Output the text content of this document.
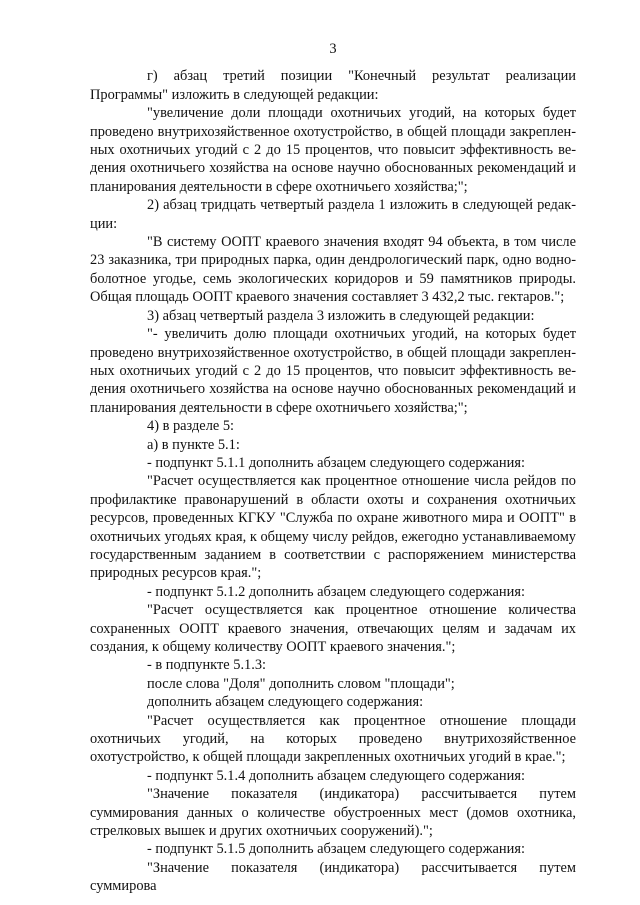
3

г) абзац третий позиции "Конечный результат реализации Программы" изложить в следующей редакции:

"увеличение доли площади охотничьих угодий, на которых будет проведено внутрихозяйственное охотустройство, в общей площади закрепленных охотничьих угодий с 2 до 15 процентов, что повысит эффективность ведения охотничьего хозяйства на основе научно обоснованных рекомендаций и планирования деятельности в сфере охотничьего хозяйства;";

2) абзац тридцать четвертый раздела 1 изложить в следующей редакции:

"В систему ООПТ краевого значения входят 94 объекта, в том числе 23 заказника, три природных парка, один дендрологический парк, одно водно-болотное угодье, семь экологических коридоров и 59 памятников природы. Общая площадь ООПТ краевого значения составляет 3 432,2 тыс. гектаров.";

3) абзац четвертый раздела 3 изложить в следующей редакции:

"- увеличить долю площади охотничьих угодий, на которых будет проведено внутрихозяйственное охотустройство, в общей площади закрепленных охотничьих угодий с 2 до 15 процентов, что повысит эффективность ведения охотничьего хозяйства на основе научно обоснованных рекомендаций и планирования деятельности в сфере охотничьего хозяйства;";

4) в разделе 5:

а) в пункте 5.1:

- подпункт 5.1.1 дополнить абзацем следующего содержания:

"Расчет осуществляется как процентное отношение числа рейдов по профилактике правонарушений в области охоты и сохранения охотничьих ресурсов, проведенных КГКУ "Служба по охране животного мира и ООПТ" в охотничьих угодьях края, к общему числу рейдов, ежегодно устанавливаемому государственным заданием в соответствии с распоряжением министерства природных ресурсов края.";

- подпункт 5.1.2 дополнить абзацем следующего содержания:

"Расчет осуществляется как процентное отношение количества сохраненных ООПТ краевого значения, отвечающих целям и задачам их создания, к общему количеству ООПТ краевого значения.";

- в подпункте 5.1.3:

после слова "Доля" дополнить словом "площади";

дополнить абзацем следующего содержания:

"Расчет осуществляется как процентное отношение площади охотничьих угодий, на которых проведено внутрихозяйственное охотустройство, к общей площади закрепленных охотничьих угодий в крае.";

- подпункт 5.1.4 дополнить абзацем следующего содержания:

"Значение показателя (индикатора) рассчитывается путем суммирования данных о количестве обустроенных мест (домов охотника, стрелковых вышек и других охотничьих сооружений).";

- подпункт 5.1.5 дополнить абзацем следующего содержания:

"Значение показателя (индикатора) рассчитывается путем суммирова
